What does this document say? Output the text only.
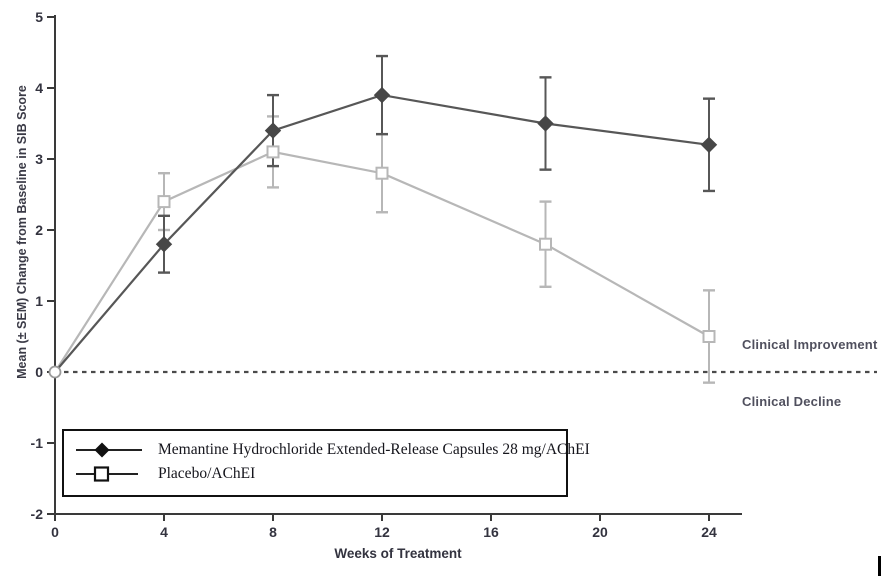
5
4
3
2
1
0
-1
-2
0	4	8	12	16	20	24
Mean (± SEM) Change from Baseline in SIB Score
Weeks of Treatment
Clinical Improvement
Clinical Decline
Memantine Hydrochloride Extended-Release Capsules 28 mg/AChEI
Placebo/AChEI
